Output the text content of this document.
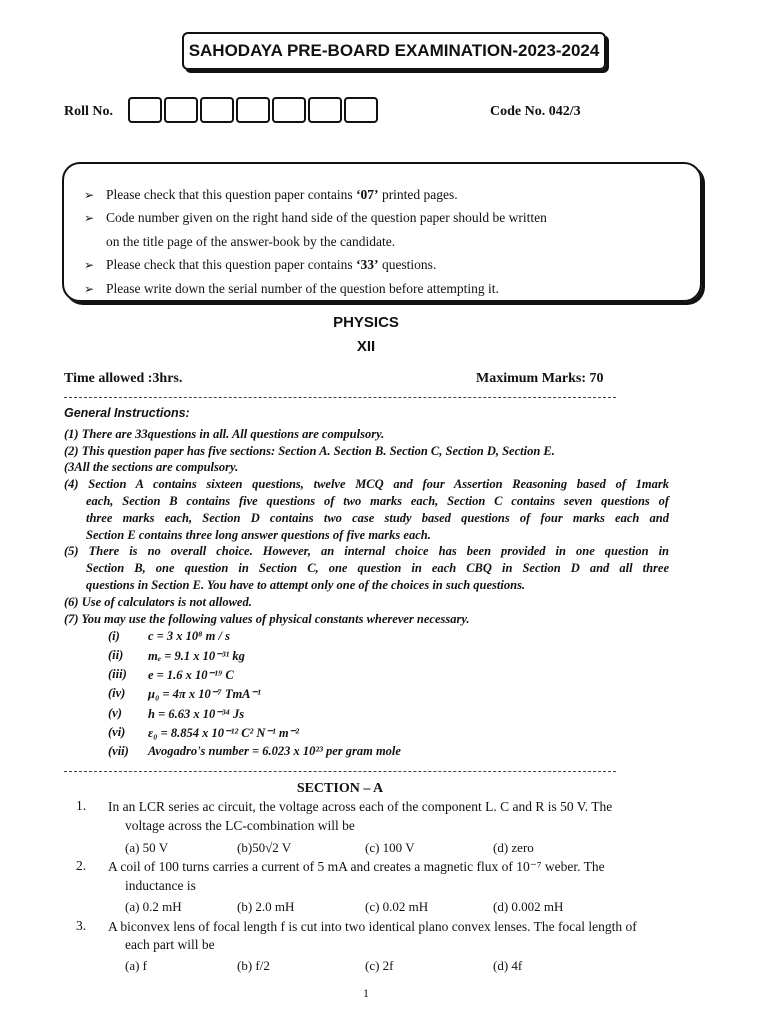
SAHODAYA PRE-BOARD EXAMINATION-2023-2024
Roll No.	Code No. 042/3
➢ Please check that this question paper contains ‘07’ printed pages.
➢ Code number given on the right hand side of the question paper should be written
on the title page of the answer-book by the candidate.
➢ Please check that this question paper contains ‘33’ questions.
➢ Please write down the serial number of the question before attempting it.
PHYSICS
XII
Time allowed :3hrs.	Maximum Marks: 70
General Instructions:
(1) There are 33questions in all. All questions are compulsory.
(2) This question paper has five sections: Section A. Section B. Section C, Section D, Section E.
(3All the sections are compulsory.
(4) Section A contains sixteen questions, twelve MCQ and four Assertion Reasoning based of 1mark
each, Section B contains five questions of two marks each, Section C contains seven questions of
three marks each, Section D contains two case study based questions of four marks each and
Section E contains three long answer questions of five marks each.
(5) There is no overall choice. However, an internal choice has been provided in one question in
Section B, one question in Section C, one question in each CBQ in Section D and all three
questions in Section E. You have to attempt only one of the choices in such questions.
(6) Use of calculators is not allowed.
(7) You may use the following values of physical constants wherever necessary.
(i) c = 3 x 10⁸ m / s
(ii) mₑ = 9.1 x 10⁻³¹ kg
(iii) e = 1.6 x 10⁻¹⁹ C
(iv) μ₀ = 4π x 10⁻⁷ TmA⁻¹
(v) h = 6.63 x 10⁻³⁴ Js
(vi) ε₀ = 8.854 x 10⁻¹² C² N⁻¹ m⁻²
(vii) Avogadro's number = 6.023 x 10²³ per gram mole
SECTION – A
1. In an LCR series ac circuit, the voltage across each of the component L. C and R is 50 V. The
voltage across the LC-combination will be
(a) 50 V	(b)50√2 V	(c) 100 V	(d) zero
2. A coil of 100 turns carries a current of 5 mA and creates a magnetic flux of 10⁻⁷ weber. The
inductance is
(a) 0.2 mH	(b) 2.0 mH	(c) 0.02 mH	(d) 0.002 mH
3. A biconvex lens of focal length f is cut into two identical plano convex lenses. The focal length of
each part will be
(a) f	(b) f/2	(c) 2f	(d) 4f
1
